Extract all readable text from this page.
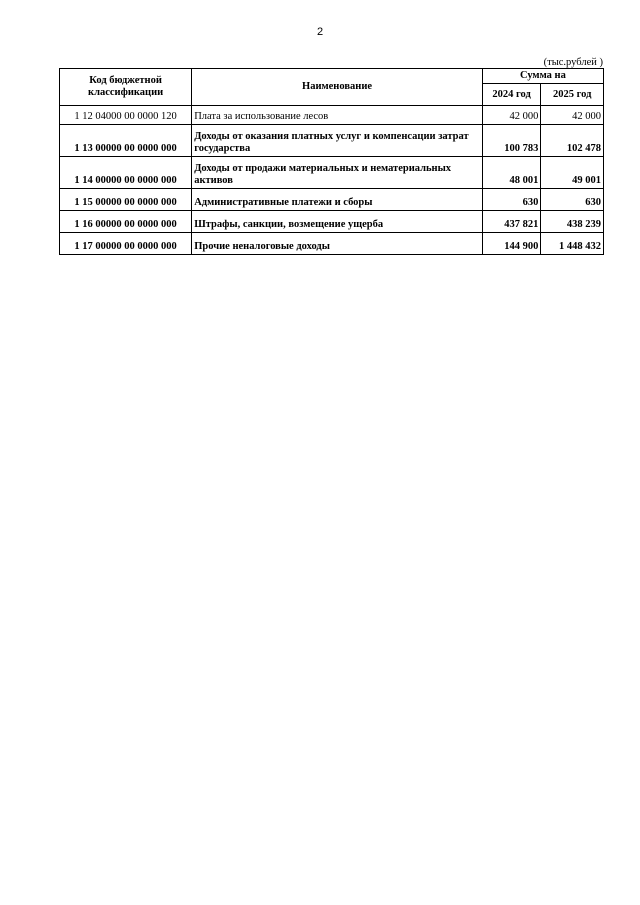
2
(тыс.рублей )
Код бюджетной классификации	Наименование	Сумма на	
		2024 год	2025 год
1 12 04000 00 0000 120	Плата за использование лесов	42 000	42 000
1 13 00000 00 0000 000	Доходы от оказания платных услуг и компенсации затрат государства	100 783	102 478
1 14 00000 00 0000 000	Доходы от продажи материальных и нематериальных активов	48 001	49 001
1 15 00000 00 0000 000	Административные платежи и сборы	630	630
1 16 00000 00 0000 000	Штрафы, санкции, возмещение ущерба	437 821	438 239
1 17 00000 00 0000 000	Прочие неналоговые доходы	144 900	1 448 432
